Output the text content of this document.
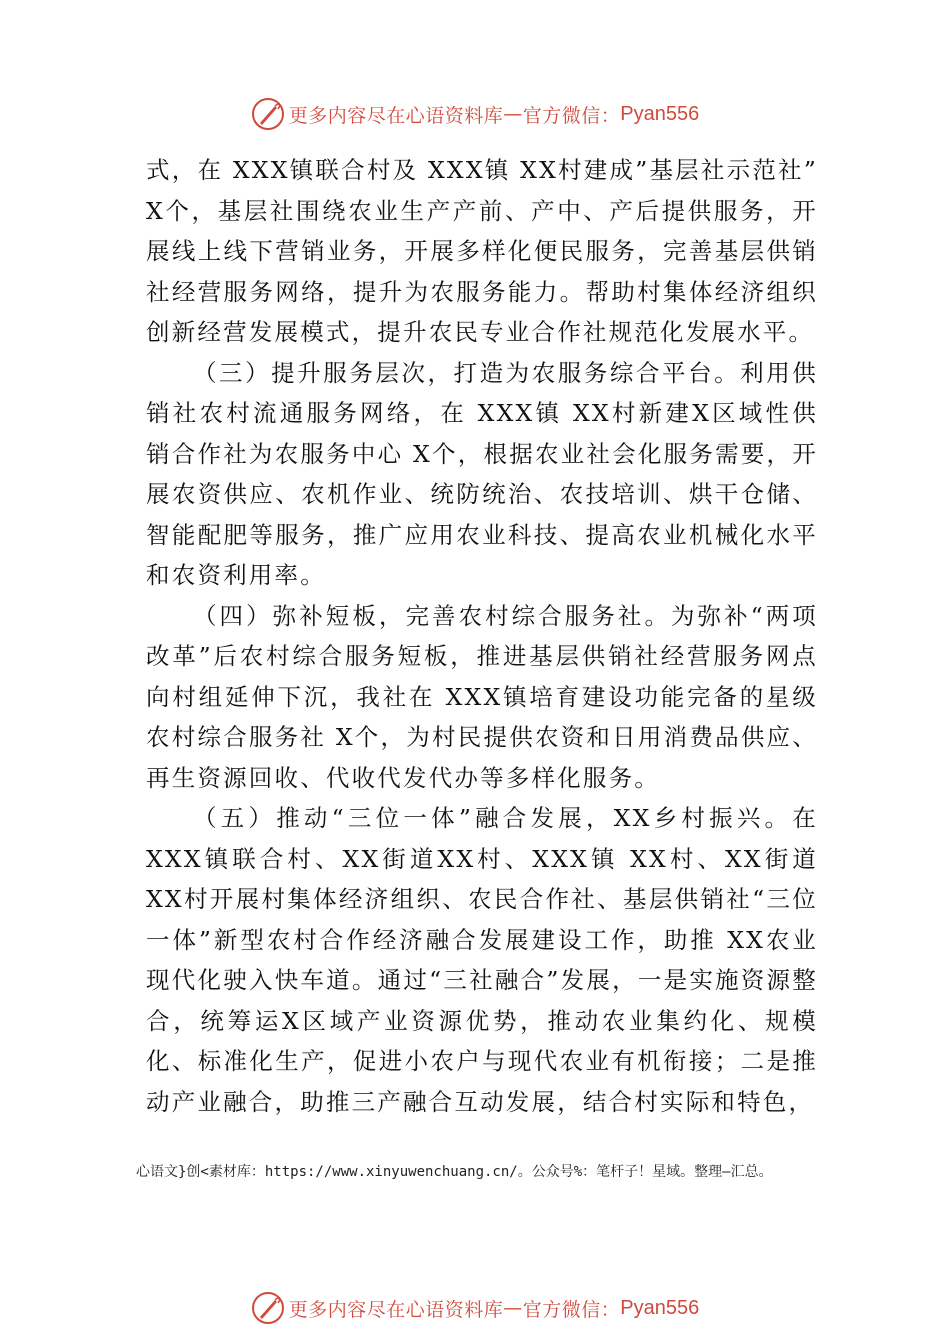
更多内容尽在心语资料库 — 官方微信： Pyan556

式，在 XXX镇联合村及 XXX镇 XX村建成”基层社示范社” X个，基层社围绕农业生产产前、产中、产后提供服务，开展线上线下营销业务，开展多样化便民服务，完善基层供销社经营服务网络，提升为农服务能力。帮助村集体经济组织创新经营发展模式，提升农民专业合作社规范化发展水平。

（三）提升服务层次，打造为农服务综合平台。利用供销社农村流通服务网络，在 XXX镇 XX村新建Ⅹ区域性供销合作社为农服务中心 X个，根据农业社会化服务需要，开展农资供应、农机作业、统防统治、农技培训、烘干仓储、智能配肥等服务，推广应用农业科技、提高农业机械化水平和农资利用率。

（四）弥补短板，完善农村综合服务社。为弥补“两项改革”后农村综合服务短板，推进基层供销社经营服务网点向村组延伸下沉，我社在 XXX镇培育建设功能完备的星级农村综合服务社 X个，为村民提供农资和日用消费品供应、再生资源回收、代收代发代办等多样化服务。

（五）推动“三位一体”融合发展，XX乡村振兴。在 XXX镇联合村、XX街道XX村、XXX镇 XX村、XX街道 XX村开展村集体经济组织、农民合作社、基层供销社“三位一体”新型农村合作经济融合发展建设工作，助推 XX农业现代化驶入快车道。通过“三社融合”发展，一是实施资源整合，统筹运Ⅹ区域产业资源优势，推动农业集约化、规模化、标准化生产，促进小农户与现代农业有机衔接；二是推动产业融合，助推三产融合互动发展，结合村实际和特色，

心语文}创<素材库：https://www.xinyuwenchuang.cn/。公众号%：笔杆子！星域。整理—汇总。
更多内容尽在心语资料库 — 官方微信： Pyan556
